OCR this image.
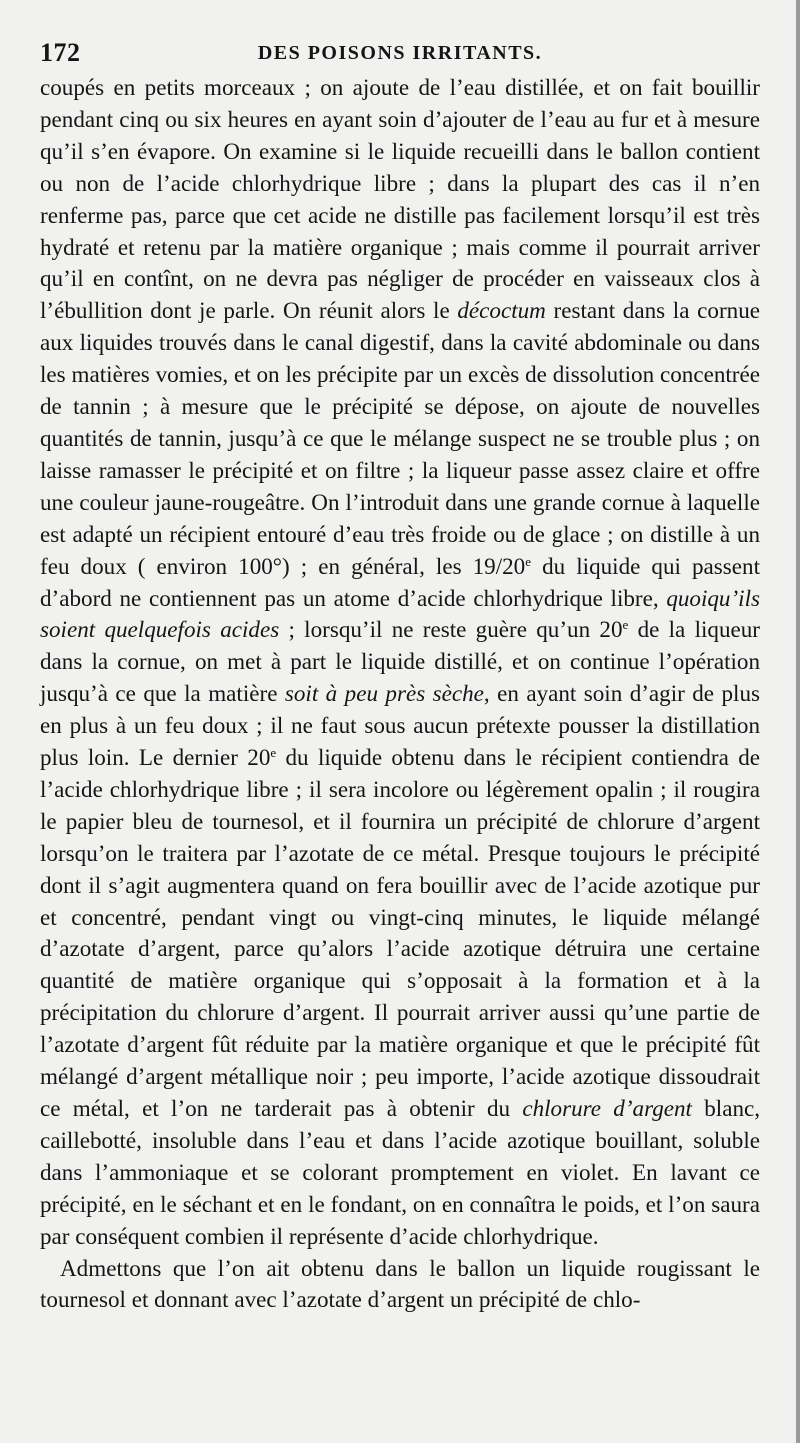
172	DES POISONS IRRITANTS.

coupés en petits morceaux ; on ajoute de l’eau distillée, et on fait bouillir pendant cinq ou six heures en ayant soin d’ajouter de l’eau au fur et à mesure qu’il s’en évapore. On examine si le liquide recueilli dans le ballon contient ou non de l’acide chlorhydrique libre ; dans la plupart des cas il n’en renferme pas, parce que cet acide ne distille pas facilement lorsqu’il est très hydraté et retenu par la matière organique ; mais comme il pourrait arriver qu’il en contînt, on ne devra pas négliger de procéder en vaisseaux clos à l’ébullition dont je parle. On réunit alors le décoctum restant dans la cornue aux liquides trouvés dans le canal digestif, dans la cavité abdominale ou dans les matières vomies, et on les précipite par un excès de dissolution concentrée de tannin ; à mesure que le précipité se dépose, on ajoute de nouvelles quantités de tannin, jusqu’à ce que le mélange suspect ne se trouble plus ; on laisse ramasser le précipité et on filtre ; la liqueur passe assez claire et offre une couleur jaune-rougeâtre. On l’introduit dans une grande cornue à laquelle est adapté un récipient entouré d’eau très froide ou de glace ; on distille à un feu doux ( environ 100°) ; en général, les 19/20e du liquide qui passent d’abord ne contiennent pas un atome d’acide chlorhydrique libre, quoiqu’ils soient quelquefois acides ; lorsqu’il ne reste guère qu’un 20e de la liqueur dans la cornue, on met à part le liquide distillé, et on continue l’opération jusqu’à ce que la matière soit à peu près sèche, en ayant soin d’agir de plus en plus à un feu doux ; il ne faut sous aucun prétexte pousser la distillation plus loin. Le dernier 20e du liquide obtenu dans le récipient contiendra de l’acide chlorhydrique libre ; il sera incolore ou légèrement opalin ; il rougira le papier bleu de tournesol, et il fournira un précipité de chlorure d’argent lorsqu’on le traitera par l’azotate de ce métal. Presque toujours le précipité dont il s’agit augmentera quand on fera bouillir avec de l’acide azotique pur et concentré, pendant vingt ou vingt-cinq minutes, le liquide mélangé d’azotate d’argent, parce qu’alors l’acide azotique détruira une certaine quantité de matière organique qui s’opposait à la formation et à la précipitation du chlorure d’argent. Il pourrait arriver aussi qu’une partie de l’azotate d’argent fût réduite par la matière organique et que le précipité fût mélangé d’argent métallique noir ; peu importe, l’acide azotique dissoudrait ce métal, et l’on ne tarderait pas à obtenir du chlorure d’argent blanc, caillebotté, insoluble dans l’eau et dans l’acide azotique bouillant, soluble dans l’ammoniaque et se colorant promptement en violet. En lavant ce précipité, en le séchant et en le fondant, on en connaîtra le poids, et l’on saura par conséquent combien il représente d’acide chlorhydrique.

Admettons que l’on ait obtenu dans le ballon un liquide rougissant le tournesol et donnant avec l’azotate d’argent un précipité de chlo-
